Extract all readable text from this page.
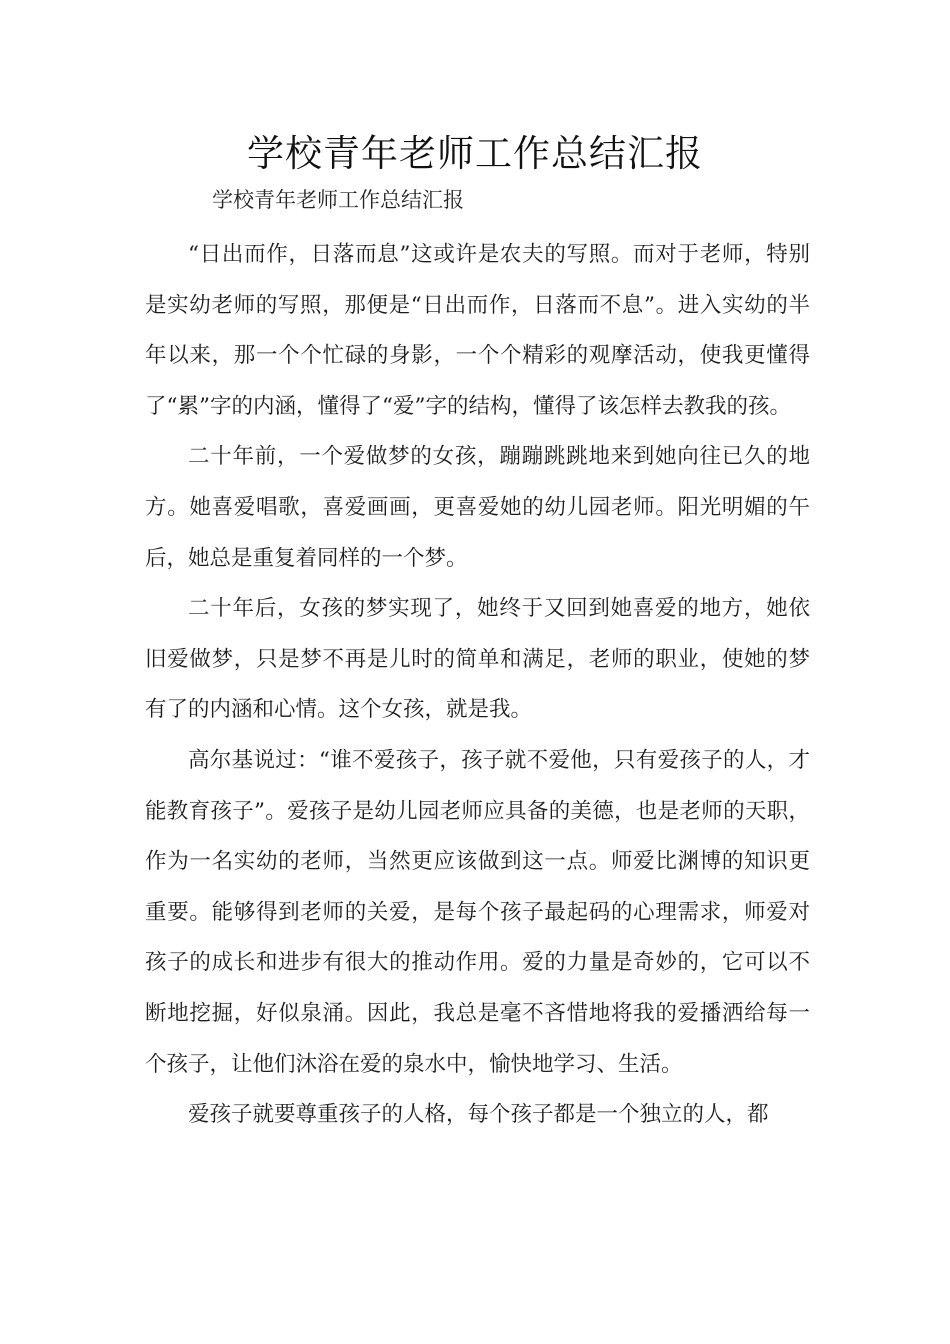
学校青年老师工作总结汇报

学校青年老师工作总结汇报

“日出而作，日落而息”这或许是农夫的写照。而对于老师，特别是实幼老师的写照，那便是“日出而作，日落而不息”。进入实幼的半年以来，那一个个忙碌的身影，一个个精彩的观摩活动，使我更懂得了“累”字的内涵，懂得了“爱”字的结构，懂得了该怎样去教我的孩。

二十年前，一个爱做梦的女孩，蹦蹦跳跳地来到她向往已久的地方。她喜爱唱歌，喜爱画画，更喜爱她的幼儿园老师。阳光明媚的午后，她总是重复着同样的一个梦。

二十年后，女孩的梦实现了，她终于又回到她喜爱的地方，她依旧爱做梦，只是梦不再是儿时的简单和满足，老师的职业，使她的梦有了的内涵和心情。这个女孩，就是我。

高尔基说过：“谁不爱孩子，孩子就不爱他，只有爱孩子的人，才能教育孩子”。爱孩子是幼儿园老师应具备的美德，也是老师的天职，作为一名实幼的老师，当然更应该做到这一点。师爱比渊博的知识更重要。能够得到老师的关爱，是每个孩子最起码的心理需求，师爱对孩子的成长和进步有很大的推动作用。爱的力量是奇妙的，它可以不断地挖掘，好似泉涌。因此，我总是毫不吝惜地将我的爱播洒给每一个孩子，让他们沐浴在爱的泉水中，愉快地学习、生活。

爱孩子就要尊重孩子的人格，每个孩子都是一个独立的人，都
